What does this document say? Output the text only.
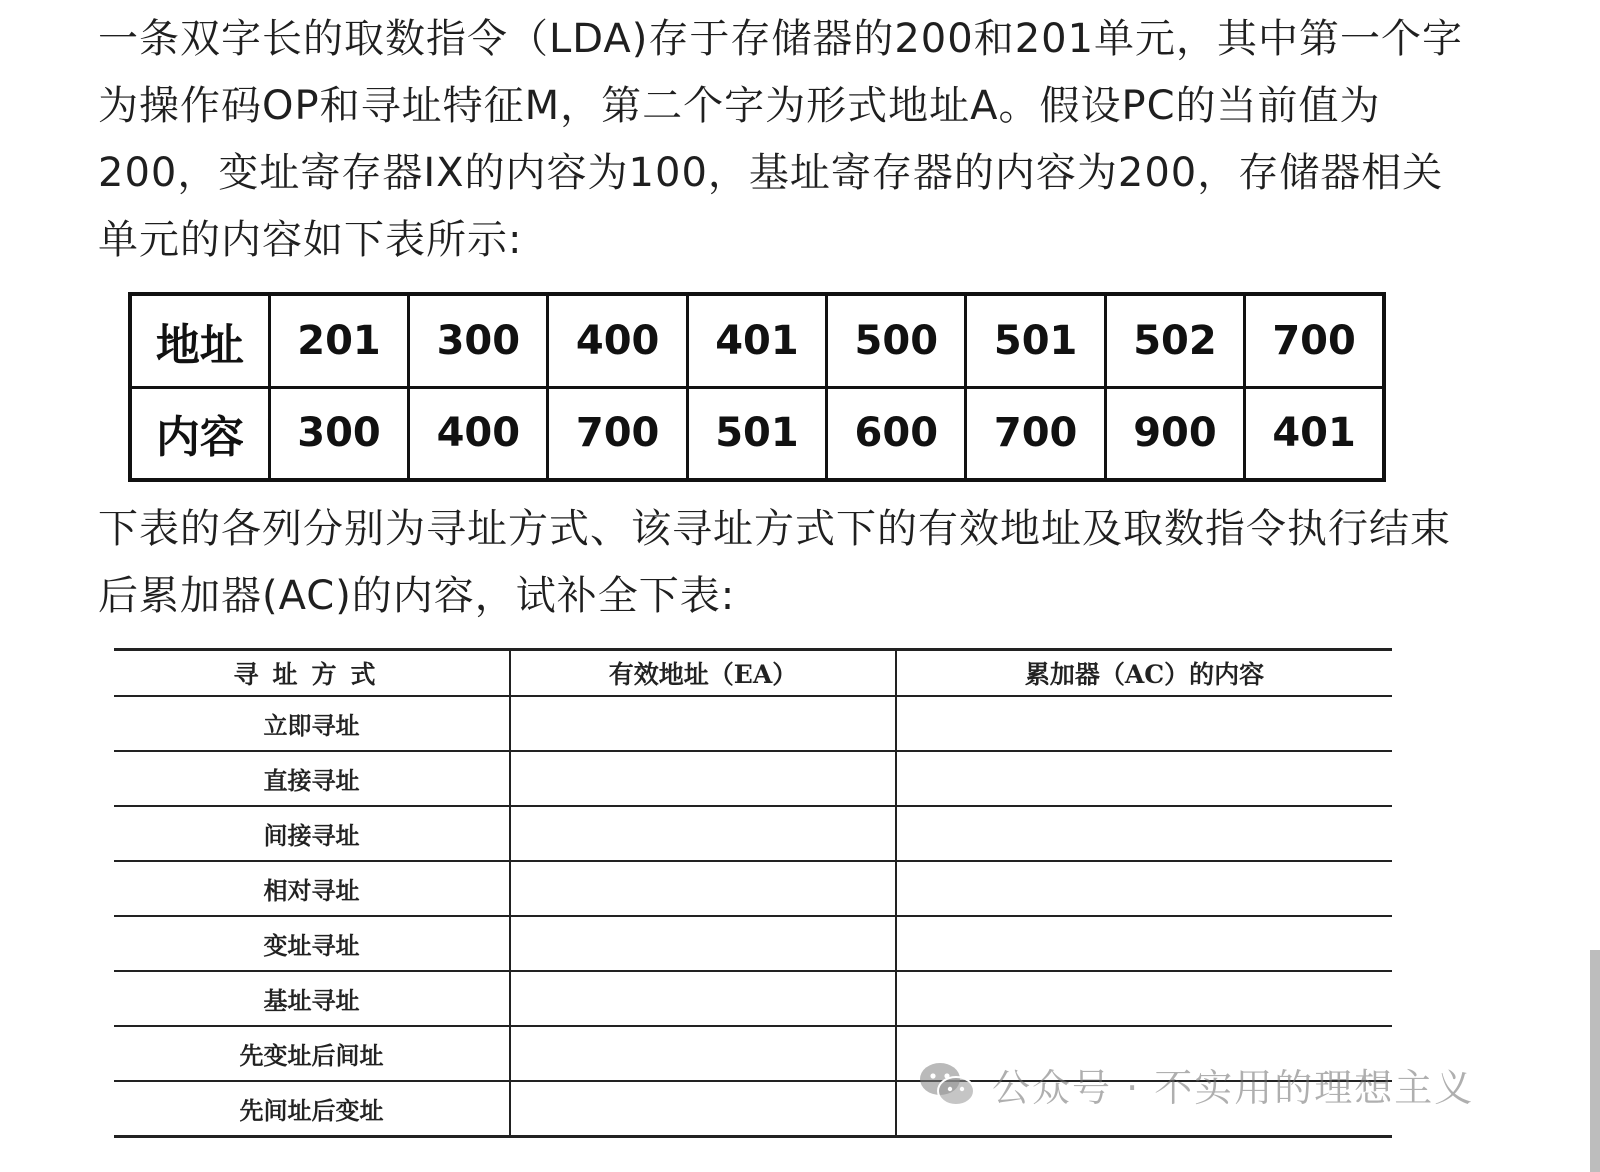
一条双字长的取数指令（LDA)存于存储器的200和201单元，其中第一个字为操作码OP和寻址特征M，第二个字为形式地址A。假设PC的当前值为200，变址寄存器IX的内容为100，基址寄存器的内容为200，存储器相关单元的内容如下表所示:
地址	201	300	400	401	500	501	502	700
内容	300	400	700	501	600	700	900	401
下表的各列分别为寻址方式、该寻址方式下的有效地址及取数指令执行结束后累加器(AC)的内容，试补全下表:
寻址方式	有效地址（EA）	累加器（AC）的内容
立即寻址		
直接寻址		
间接寻址		
相对寻址		
变址寻址		
基址寻址		
先变址后间址		
先间址后变址		
公众号 · 不实用的理想主义
